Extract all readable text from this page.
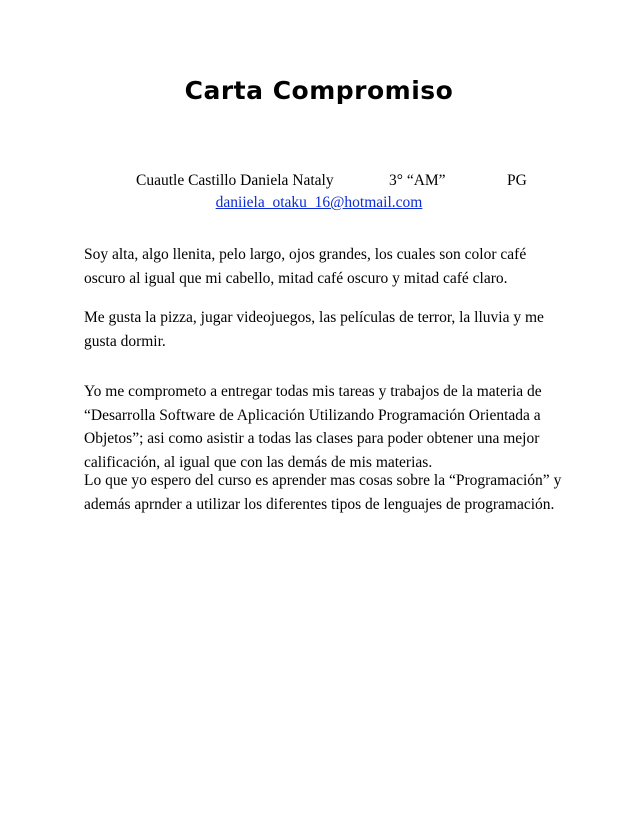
Carta Compromiso
Cuautle Castillo Daniela Nataly	3° “AM”	PG
daniiela_otaku_16@hotmail.com

Soy alta, algo llenita, pelo largo, ojos grandes, los cuales son color café oscuro al igual que mi cabello, mitad café oscuro y mitad café claro.

Me gusta la pizza, jugar videojuegos, las películas de terror, la lluvia y me gusta dormir.

Yo me comprometo a entregar todas mis tareas y trabajos de la materia de “Desarrolla Software de Aplicación Utilizando Programación Orientada a Objetos”; asi como asistir a todas las clases para poder obtener una mejor calificación, al igual que con las demás de mis materias.

Lo que yo espero del curso es aprender mas cosas sobre la “Programación” y además aprnder a utilizar los diferentes tipos de lenguajes de programación.
